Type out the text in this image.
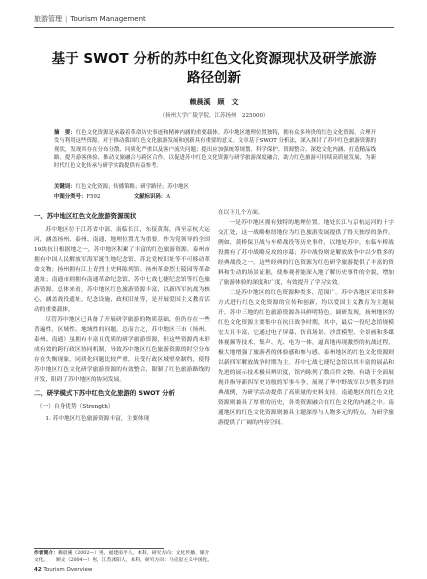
旅游管理 | Tourism Management
基于 SWOT 分析的苏中红色文化资源现状及研学旅游
路径创新
赖晨溪　顾　文
（扬州大学广陵学院，江苏扬州　225000）
摘　要：红色文化资源是承载着革命历史事迹和精神内涵的重要载体。苏中地区地理位置独特，拥有众多珍贵的红色文化资源。合理开发与利用这些资源，对于推动我国红色文化旅游发展和创新具有重要的意义。文章基于SWOT 分析法，深入探讨了苏中红色旅游资源的现状，发现其存在分布分散、同质化严重以及客户流失问题；提出应加强统筹规划、科学保护、资源整合、深挖文化内涵、打造精品线路、提升游客体验、推动文旅融合与跨区合作，以促进苏中红色文化资源与研学旅游深度融合，助力红色旅游可持续高质量发展，为新时代红色文化传承与研学实践提供有益参考。
关键词：红色文化资源；传播策略；研学路径；苏中地区
中图分类号：F592	文献标识码：A
一、苏中地区红色文化旅游资源现状

苏中地区位于江苏省中部，南临长江，东接黄海，西至京杭大运河，涵盖扬州、泰州、南通、地理位置尤为重要。作为党领导的全国19块抗日根据地之一，苏中地区积累了丰富的红色旅游资源。泰州市拥有中国人民解放军海军诞生地纪念馆、苏北党校旧址等不可移动革命文物；扬州拥有江上青烈士史料陈列馆、扬州革命烈士陵园等革命遗址；南通市则拥有南通革命纪念馆、苏中七战七捷纪念馆等红色旅游资源。总体来看，苏中地区红色旅游资源丰富，以新四军抗战为核心，涵盖战役遗址、纪念设施、政权旧址等，是开展爱国主义教育活动的重要载体。

尽管苏中地区已具备了开展研学旅游的物质基础，但仍存在一些普遍性、区域性、地域性的问题。总而言之，苏中地区三市（扬州、泰州、南通）虽拥有丰富且优质的研学旅游资源，但这些资源尚未形成有效的跨行政区协同机制，导致苏中地区红色旅游资源的时空分布存在失衡现象，同质化问题比较严重，且受行政区域壁垒制约，使得苏中地区红色文化研学旅游资源的有效整合，限制了红色旅游路线的开发，阻碍了苏中地区的协同发展。

二、研学模式下苏中红色文化旅游的 SWOT 分析
（一）自身优势（Strength）

1. 苏中地区红色旅游资源丰富，主要体现

在以下几个方面。

一是苏中地区拥有独特的地理位置。地处长江与京杭运河的十字交汇处，这一战略枢纽地位为红色旅游发展提供了得天独厚的条件。例如，黄桥保卫战与车桥战役等历史事件，以地处苏中，东临车桥战役拥有了苏中战略反攻的序幕；苏中战役则是解放战争中以少胜多的经典战役之一。这些经典的红色资源为红色研学旅游提供了丰富的资料和生动的场景证据，使参观者能深入地了解历史事件的全貌，增加了旅游体验的深度和广度，有效提升了学习实效。

二是苏中地区的红色资源种类多、范围广。苏中各地区采用多种方式进行红色文化资源的宣传和创新，均以爱国主义教育为主题展开。苏中三地的红色旅游资源各具鲜明特色。调研发现，扬州地区的红色文化资源主要集中在抗日战争时期，其中，最后一役纪念馆规模宏大且丰富，它通过电子屏幕、仿真场景、沙盘模型、全景画和多媒体视频等技术，集声、光、电为一体，逼真地再现激烈的抗战过程，极大地增强了旅游者的体验感和参与感。泰州地区的红色文化资源则以新四军解放战争时期为主。苏中七战七捷纪念馆以其丰富的展品和先进的展示技术极具辨识度，馆内陈列了数百件文物，有助于全面展现并指导新四军史诗般的军事斗争，展现了华中野战军以少胜多的经典战例，为研学活动提供了高质量的史料支持。南通地区的红色文化资源则兼具了厚重的历史，各类资源融合在红色文化的内涵之中。南通地区的红色文化资源则兼具主题深厚与人物多元的特点，为研学旅游提供了广阔的内容空间。

作者简介：赖晨溪（2002—）男，福建南平人，本科，研究方向：文化传播、媒介文化。	顾文（2004—）男，江苏沭阳人，本科，研究方向：马克思主义中国化。
42 Tourism Overview
